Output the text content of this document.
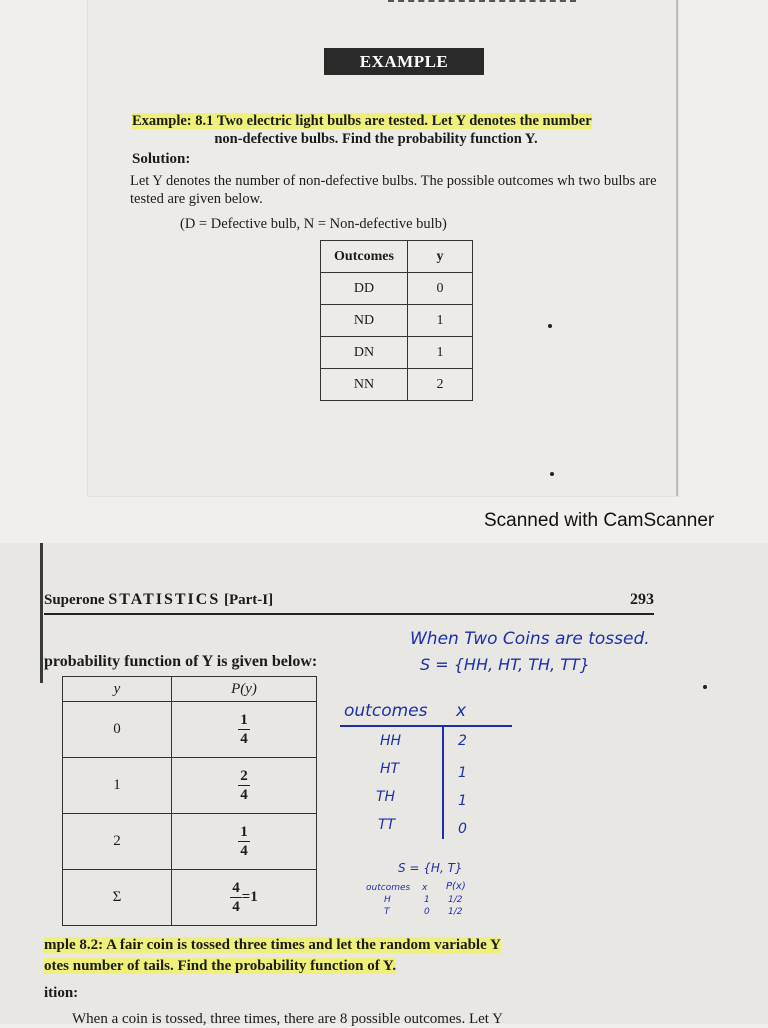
EXAMPLE
Example: 8.1 Two electric light bulbs are tested. Let Y denotes the number

non-defective bulbs. Find the probability function Y.
Solution:
Let Y denotes the number of non-defective bulbs. The possible outcomes wh two bulbs are tested are given below.
(D = Defective bulb, N = Non-defective bulb)
Outcomes	y
DD	0
ND	1
DN	1
NN	2
Scanned with CamScanner
Superone STATISTICS [Part-I]	293
probability function of Y is given below:
y	P(y)
0	$\frac{1}{4}$

1	$\frac{2}{4}$

2	$\frac{1}{4}$

Σ	$\frac{4}{4} =1$
When Two Coins are tossed.
S = {HH, HT, TH, TT}
outcomes x
HH	2
HT	1
TH	1
TT	0
S = {H, T}
outcomes x P(x)
H	1 1/2
T	0 1/2
mple 8.2: A fair coin is tossed three times and let the random variable Y
otes number of tails. Find the probability function of Y.
ition:
When a coin is tossed, three times, there are 8 possible outcomes. Let Y
